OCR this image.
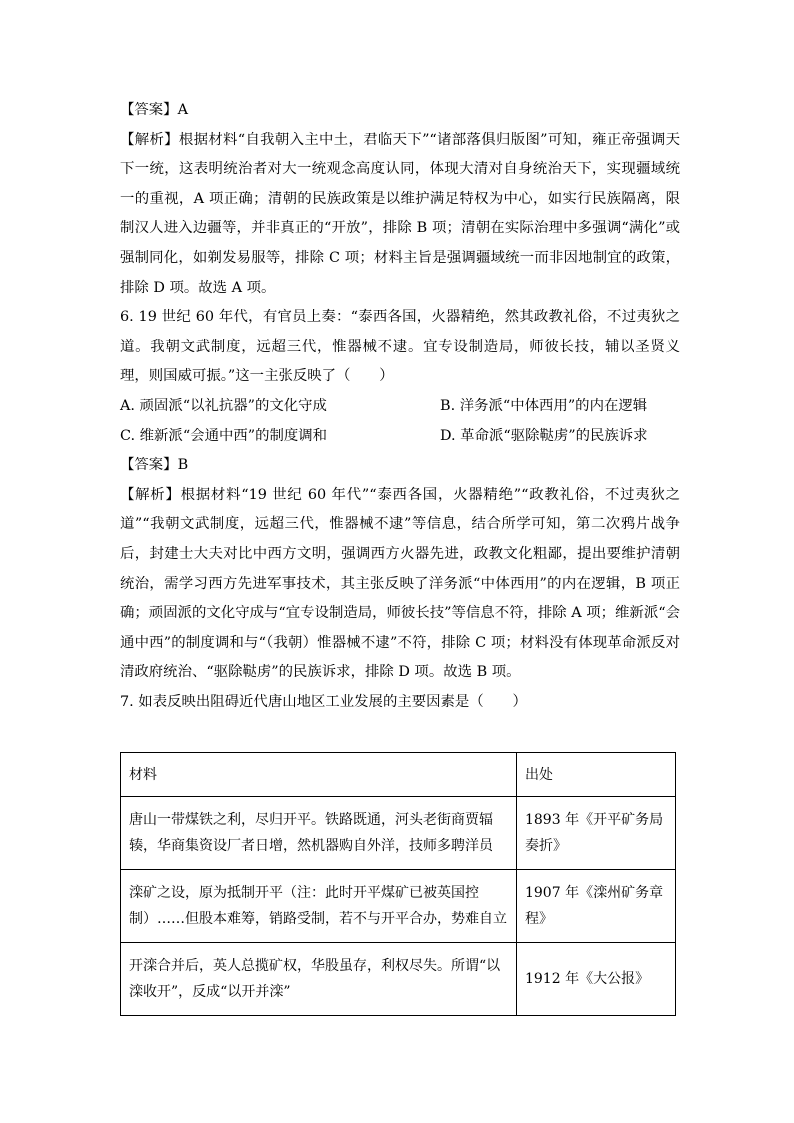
【答案】A

【解析】根据材料“自我朝入主中土，君临天下”“诸部落俱归版图”可知，雍正帝强调天下一统，这表明统治者对大一统观念高度认同，体现大清对自身统治天下，实现疆域统一的重视，A 项正确；清朝的民族政策是以维护满足特权为中心，如实行民族隔离，限制汉人进入边疆等，并非真正的“开放”，排除 B 项；清朝在实际治理中多强调“满化”或强制同化，如剃发易服等，排除 C 项；材料主旨是强调疆域统一而非因地制宜的政策，排除 D 项。故选 A 项。

6. 19 世纪 60 年代，有官员上奏：“泰西各国，火器精绝，然其政教礼俗，不过夷狄之道。我朝文武制度，远超三代，惟器械不逮。宜专设制造局，师彼长技，辅以圣贤义理，则国威可振。”这一主张反映了（　　）

A. 顽固派“以礼抗器”的文化守成	B. 洋务派“中体西用”的内在逻辑
C. 维新派“会通中西”的制度调和	D. 革命派“驱除鞑虏”的民族诉求

【答案】B

【解析】根据材料“19 世纪 60 年代”“泰西各国，火器精绝”“政教礼俗，不过夷狄之道”“我朝文武制度，远超三代，惟器械不逮”等信息，结合所学可知，第二次鸦片战争后，封建士大夫对比中西方文明，强调西方火器先进，政教文化粗鄙，提出要维护清朝统治，需学习西方先进军事技术，其主张反映了洋务派“中体西用”的内在逻辑，B 项正确；顽固派的文化守成与“宜专设制造局，师彼长技”等信息不符，排除 A 项；维新派“会通中西”的制度调和与“（我朝）惟器械不逮”不符，排除 C 项；材料没有体现革命派反对清政府统治、“驱除鞑虏”的民族诉求，排除 D 项。故选 B 项。

7. 如表反映出阻碍近代唐山地区工业发展的主要因素是（　　）

材料	出处
唐山一带煤铁之利，尽归开平。铁路既通，河头老街商贾辐辏，华商集资设厂者日增，然机器购自外洋，技师多聘洋员	1893 年《开平矿务局奏折》
滦矿之设，原为抵制开平（注：此时开平煤矿已被英国控制）……但股本难筹，销路受制，若不与开平合办，势难自立	1907 年《滦州矿务章程》
开滦合并后，英人总揽矿权，华股虽存，利权尽失。所谓“以滦收开”，反成“以开并滦”	1912 年《大公报》
